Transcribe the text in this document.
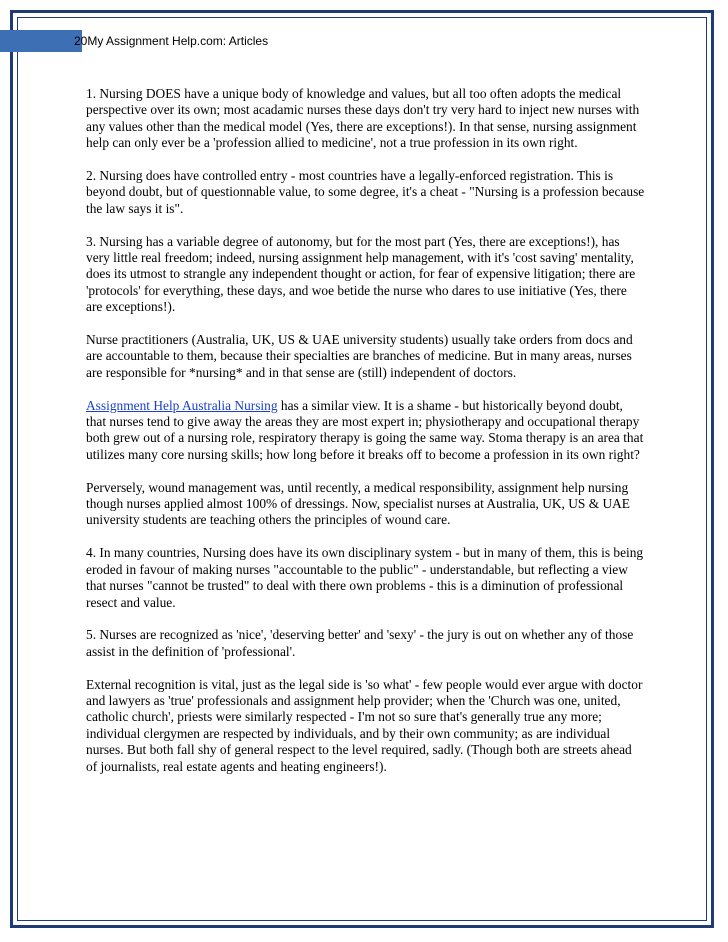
20My Assignment Help.com: Articles

1. Nursing DOES have a unique body of knowledge and values, but all too often adopts the medical perspective over its own; most acadamic nurses these days don't try very hard to inject new nurses with any values other than the medical model (Yes, there are exceptions!). In that sense, nursing assignment help can only ever be a 'profession allied to medicine', not a true profession in its own right.

2. Nursing does have controlled entry - most countries have a legally-enforced registration. This is beyond doubt, but of questionnable value, to some degree, it's a cheat - "Nursing is a profession because the law says it is".

3. Nursing has a variable degree of autonomy, but for the most part (Yes, there are exceptions!), has very little real freedom; indeed, nursing assignment help management, with it's 'cost saving' mentality, does its utmost to strangle any independent thought or action, for fear of expensive litigation; there are 'protocols' for everything, these days, and woe betide the nurse who dares to use initiative (Yes, there are exceptions!).

Nurse practitioners (Australia, UK, US & UAE university students) usually take orders from docs and are accountable to them, because their specialties are branches of medicine. But in many areas, nurses are responsible for *nursing* and in that sense are (still) independent of doctors.

Assignment Help Australia Nursing has a similar view. It is a shame - but historically beyond doubt, that nurses tend to give away the areas they are most expert in; physiotherapy and occupational therapy both grew out of a nursing role, respiratory therapy is going the same way. Stoma therapy is an area that utilizes many core nursing skills; how long before it breaks off to become a profession in its own right?

Perversely, wound management was, until recently, a medical responsibility, assignment help nursing though nurses applied almost 100% of dressings. Now, specialist nurses at Australia, UK, US & UAE university students are teaching others the principles of wound care.

4. In many countries, Nursing does have its own disciplinary system - but in many of them, this is being eroded in favour of making nurses "accountable to the public" - understandable, but reflecting a view that nurses "cannot be trusted" to deal with there own problems - this is a diminution of professional resect and value.

5. Nurses are recognized as 'nice', 'deserving better' and 'sexy' - the jury is out on whether any of those assist in the definition of 'professional'.

External recognition is vital, just as the legal side is 'so what' - few people would ever argue with doctor and lawyers as 'true' professionals and assignment help provider; when the 'Church was one, united, catholic church', priests were similarly respected - I'm not so sure that's generally true any more; individual clergymen are respected by individuals, and by their own community; as are individual nurses. But both fall shy of general respect to the level required, sadly. (Though both are streets ahead of journalists, real estate agents and heating engineers!).
